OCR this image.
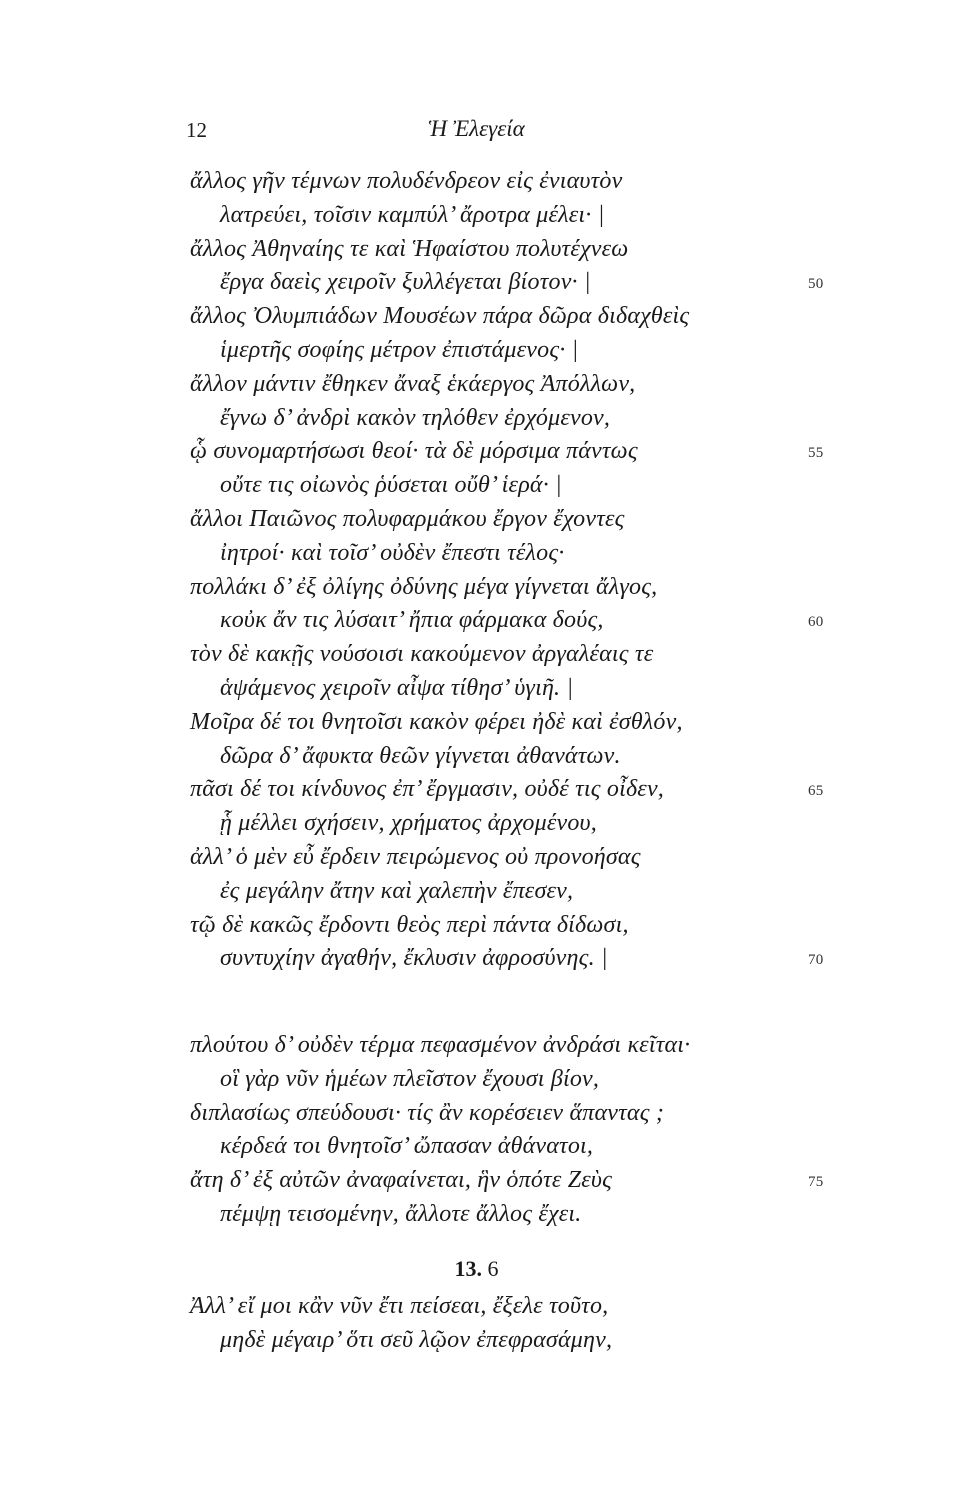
12	Ἡ Ἐλεγεία
ἄλλος γῆν τέμνων πολυδένδρεον εἰς ἐνιαυτὸν
λατρεύει, τοῖσιν καμπύλ’ ἄροτρα μέλει· |
ἄλλος Ἀθηναίης τε καὶ Ἡφαίστου πολυτέχνεω
ἔργα δαεὶς χειροῖν ξυλλέγεται βίοτον· |	50
ἄλλος Ὀλυμπιάδων Μουσέων πάρα δῶρα διδαχθεὶς
ἱμερτῆς σοφίης μέτρον ἐπιστάμενος· |
ἄλλον μάντιν ἔθηκεν ἄναξ ἑκάεργος Ἀπόλλων,
ἔγνω δ’ ἀνδρὶ κακὸν τηλόθεν ἐρχόμενον,
ᾧ συνομαρτήσωσι θεοί· τὰ δὲ μόρσιμα πάντως	55
οὔτε τις οἰωνὸς ῥύσεται οὔθ’ ἱερά· |
ἄλλοι Παιῶνος πολυφαρμάκου ἔργον ἔχοντες
ἰητροί· καὶ τοῖσ’ οὐδὲν ἔπεστι τέλος·
πολλάκι δ’ ἐξ ὀλίγης ὀδύνης μέγα γίγνεται ἄλγος,
κοὐκ ἄν τις λύσαιτ’ ἤπια φάρμακα δούς,	60
τὸν δὲ κακῇς νούσοισι κακούμενον ἀργαλέαις τε
ἁψάμενος χειροῖν αἶψα τίθησ’ ὑγιῆ. |
Μοῖρα δέ τοι θνητοῖσι κακὸν φέρει ἠδὲ καὶ ἐσθλόν,
δῶρα δ’ ἄφυκτα θεῶν γίγνεται ἀθανάτων.
πᾶσι δέ τοι κίνδυνος ἐπ’ ἔργμασιν, οὐδέ τις οἶδεν,	65
ᾗ μέλλει σχήσειν, χρήματος ἀρχομένου,
ἀλλ’ ὁ μὲν εὖ ἔρδειν πειρώμενος οὐ προνοήσας
ἐς μεγάλην ἄτην καὶ χαλεπὴν ἔπεσεν,
τῷ δὲ κακῶς ἔρδοντι θεὸς περὶ πάντα δίδωσι,
συντυχίην ἀγαθήν, ἔκλυσιν ἀφροσύνης. |	70
πλούτου δ’ οὐδὲν τέρμα πεφασμένον ἀνδράσι κεῖται·
οἳ γὰρ νῦν ἡμέων πλεῖστον ἔχουσι βίον,
διπλασίως σπεύδουσι· τίς ἂν κορέσειεν ἅπαντας ;
κέρδεά τοι θνητοῖσ’ ὤπασαν ἀθάνατοι,
ἄτη δ’ ἐξ αὐτῶν ἀναφαίνεται, ἣν ὁπότε Ζεὺς	75
πέμψῃ τεισομένην, ἄλλοτε ἄλλος ἔχει.
Ἀλλ’ εἴ μοι κἂν νῦν ἔτι πείσεαι, ἔξελε τοῦτο,
μηδὲ μέγαιρ’ ὅτι σεῦ λῷον ἐπεφρασάμην,
13. 6
